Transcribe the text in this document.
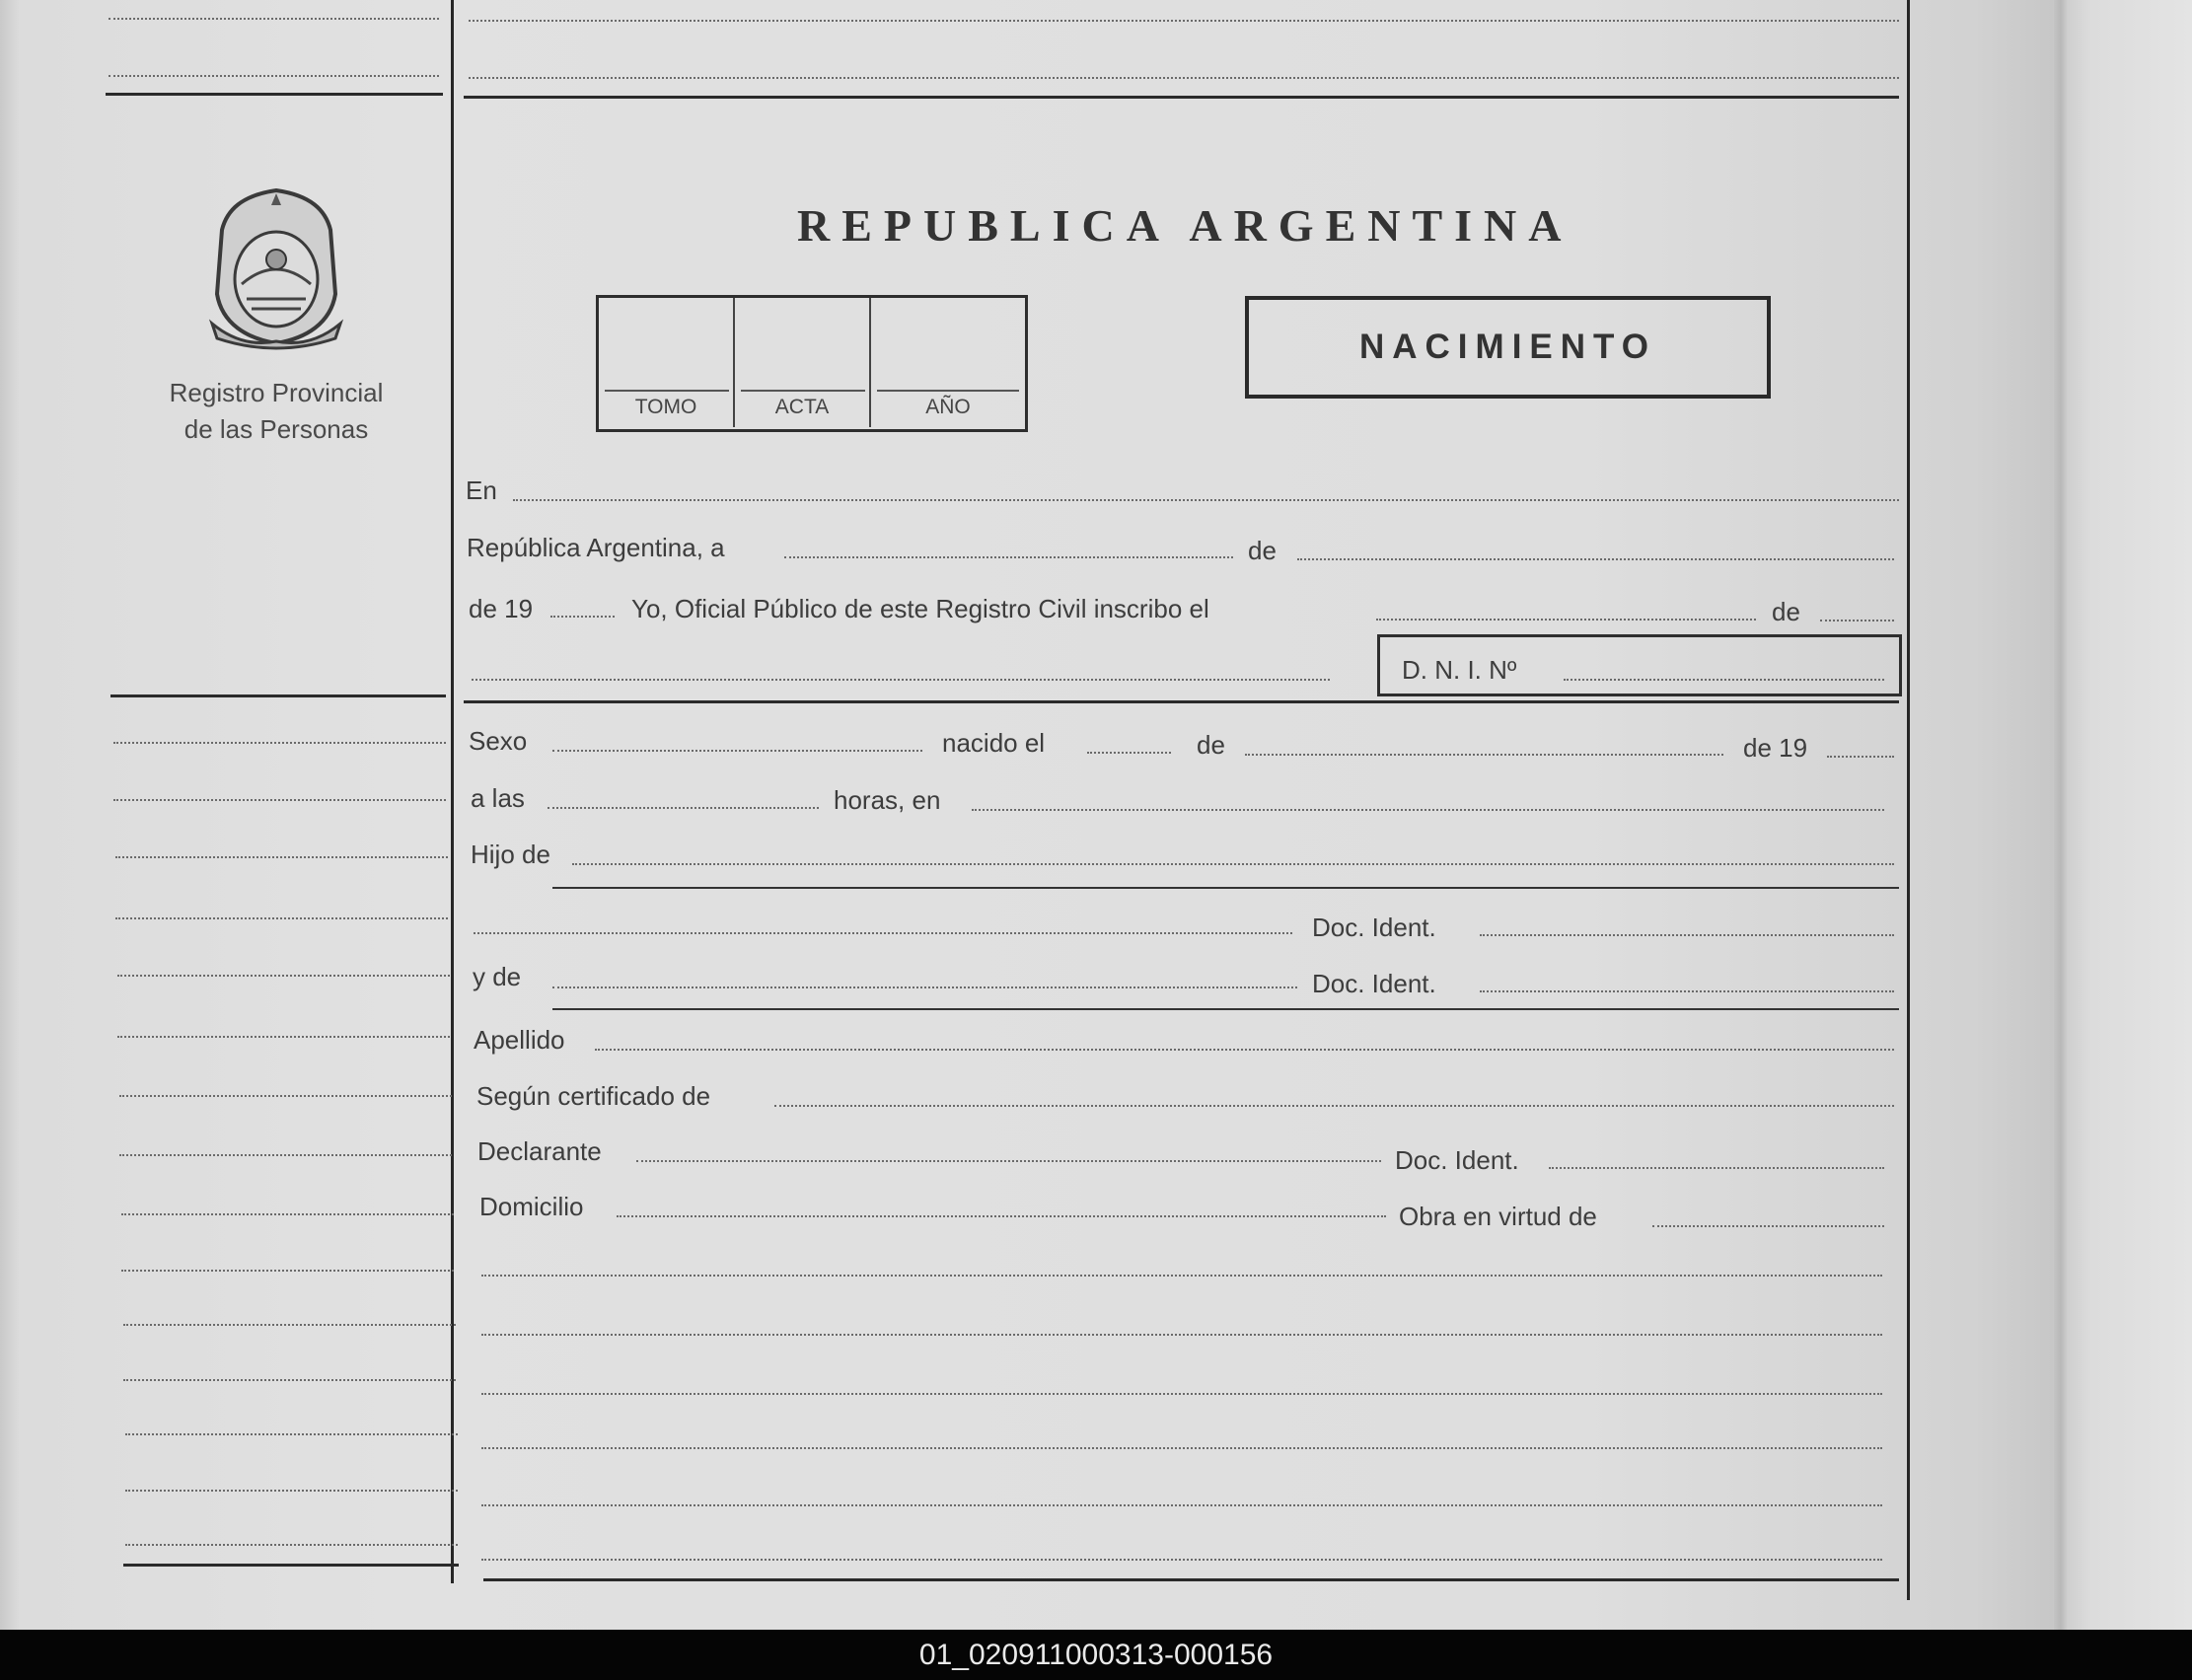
Registro Provincial
de las Personas
REPUBLICA ARGENTINA
TOMO	ACTA	AÑO
NACIMIENTO
En
República Argentina, a	de
de 19	Yo, Oficial Público de este Registro Civil inscribo el	de
D. N. I. Nº
Sexo	nacido el	de	de 19
a las	horas, en
Hijo de
Doc. Ident.
y de	Doc. Ident.
Apellido
Según certificado de
Declarante	Doc. Ident.
Domicilio	Obra en virtud de
01_020911000313-000156
